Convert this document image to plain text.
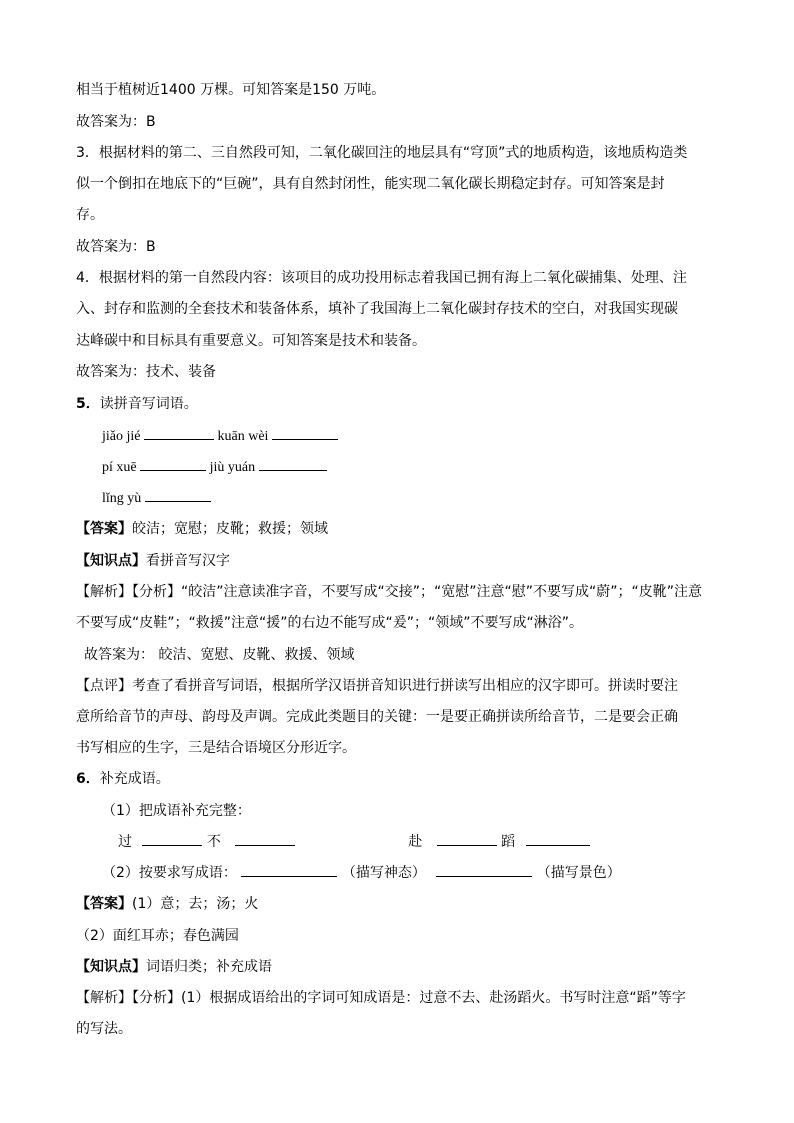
相当于植树近1400 万棵。可知答案是150 万吨。
故答案为：B
3．根据材料的第二、三自然段可知，二氧化碳回注的地层具有“穹顶”式的地质构造，该地质构造类
似一个倒扣在地底下的“巨碗”，具有自然封闭性，能实现二氧化碳长期稳定封存。可知答案是封
存。
故答案为：B
4．根据材料的第一自然段内容：该项目的成功投用标志着我国已拥有海上二氧化碳捕集、处理、注
入、封存和监测的全套技术和装备体系，填补了我国海上二氧化碳封存技术的空白，对我国实现碳
达峰碳中和目标具有重要意义。可知答案是技术和装备。
故答案为：技术、装备
5．读拼音写词语。
jiǎo jié	kuān wèi
pí xuē	jiù yuán
lǐng yù
【答案】皎洁；宽慰；皮靴；救援；领域
【知识点】看拼音写汉字
【解析】【分析】“皎洁”注意读准字音，不要写成“交接”；“宽慰”注意“慰”不要写成“蔚”；“皮靴”注意
不要写成“皮鞋”；“救援”注意“援”的右边不能写成“爰”；“领域”不要写成“淋浴”。
故答案为： 皎洁、宽慰、皮靴、救援、领域
【点评】考查了看拼音写词语，根据所学汉语拼音知识进行拼读写出相应的汉字即可。拼读时要注
意所给音节的声母、韵母及声调。完成此类题目的关键：一是要正确拼读所给音节，二是要会正确
书写相应的生字，三是结合语境区分形近字。
6．补充成语。
（1）把成语补充完整：
过	不	赴	蹈
（2）按要求写成语：	（描写神态）	（描写景色）
【答案】(1）意；去；汤；火
（2）面红耳赤；春色满园
【知识点】词语归类；补充成语
【解析】【分析】(1）根据成语给出的字词可知成语是：过意不去、赴汤蹈火。书写时注意“蹈”等字
的写法。
